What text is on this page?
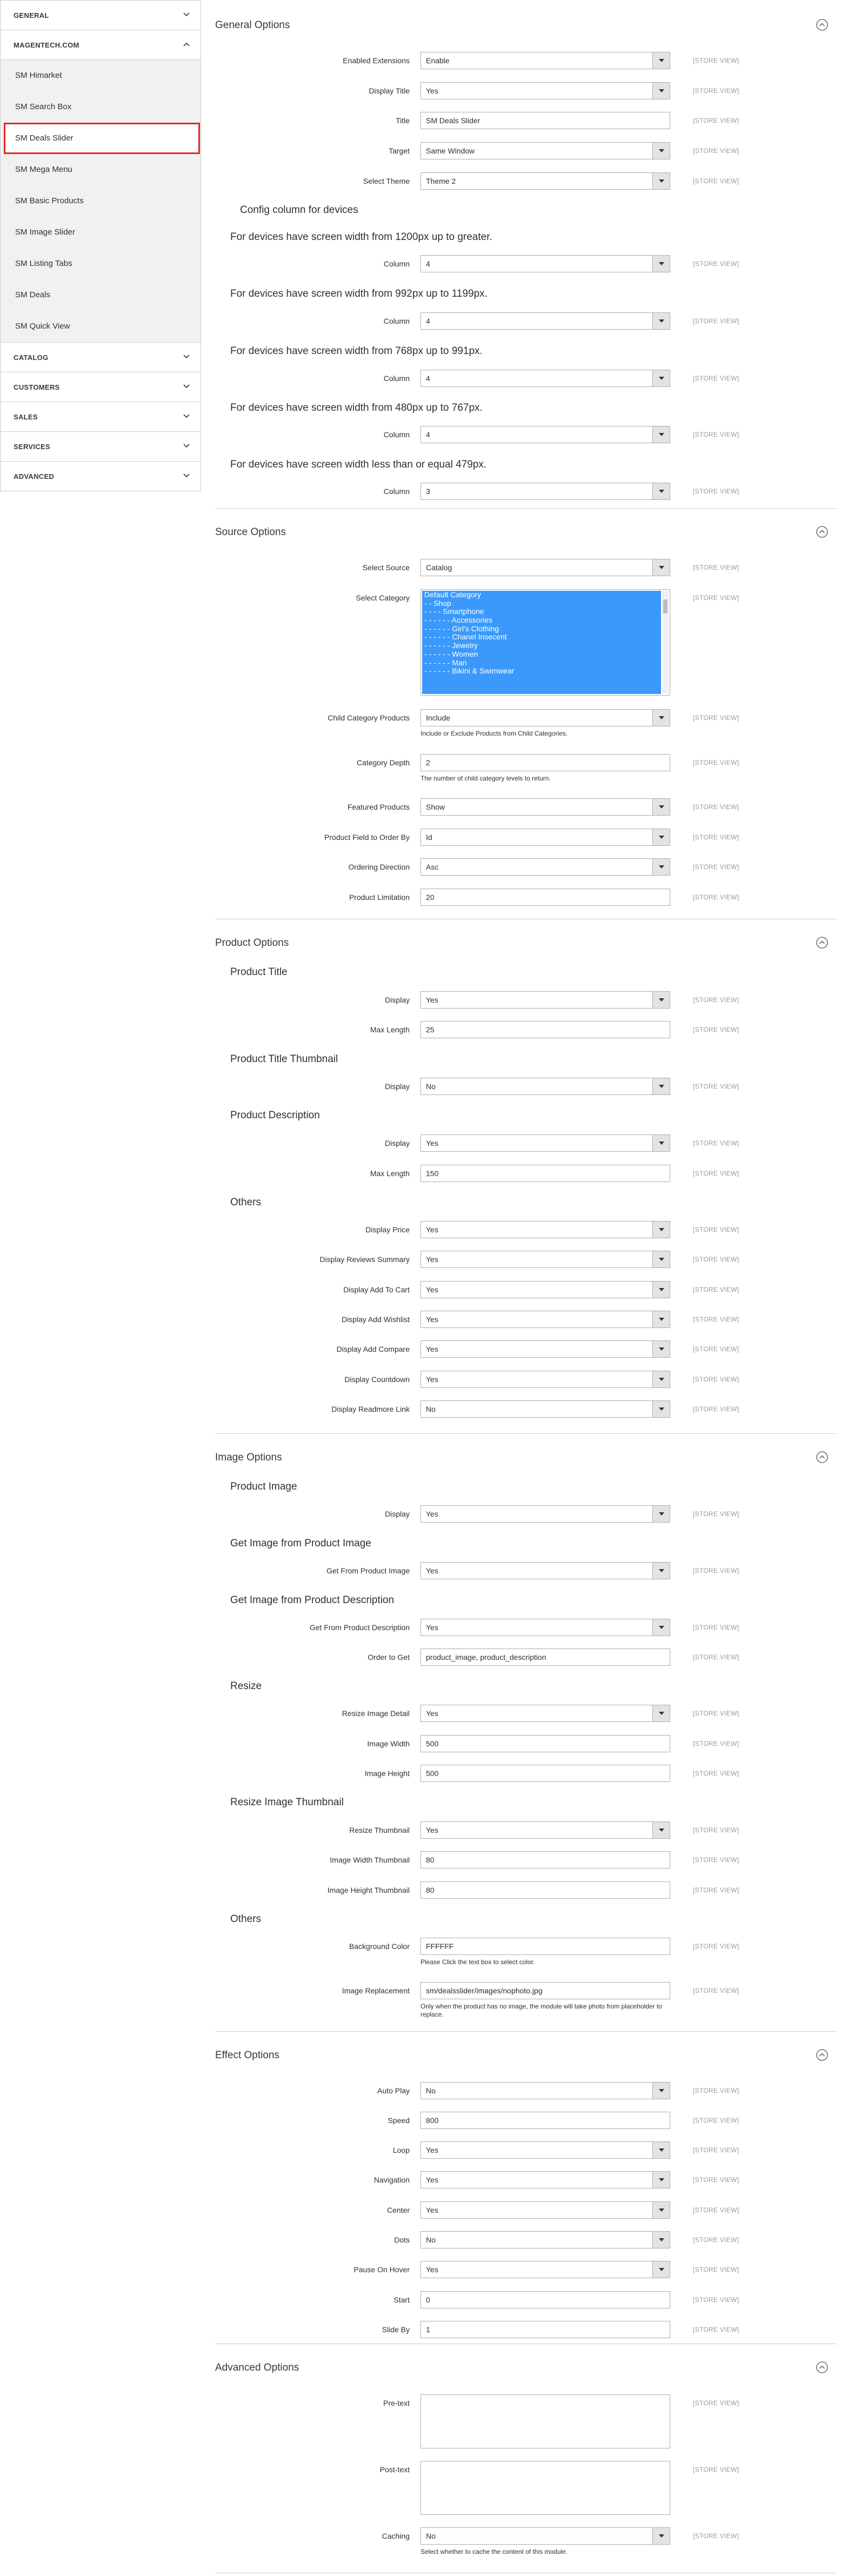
GENERAL
MAGENTECH.COM
SM Himarket
SM Search Box
SM Deals Slider
SM Mega Menu
SM Basic Products
SM Image Slider
SM Listing Tabs
SM Deals
SM Quick View
CATALOG
CUSTOMERS
SALES
SERVICES
ADVANCED
General Options
Enabled Extensions	Enable	[STORE VIEW]
Display Title	Yes	[STORE VIEW]
Title	SM Deals Slider	[STORE VIEW]
Target	Same Window	[STORE VIEW]
Select Theme	Theme 2	[STORE VIEW]
Config column for devices
For devices have screen width from 1200px up to greater.
Column	4	[STORE VIEW]
For devices have screen width from 992px up to 1199px.
Column	4	[STORE VIEW]
For devices have screen width from 768px up to 991px.
Column	4	[STORE VIEW]
For devices have screen width from 480px up to 767px.
Column	4	[STORE VIEW]
For devices have screen width less than or equal 479px.
Column	3	[STORE VIEW]
Source Options
Select Source	Catalog	[STORE VIEW]
Select Category Default Category
- - Shop
- - - - Smartphone
- - - - - - Accessories
- - - - - - Girl's Clothing
- - - - - - Chanel Insecent
- - - - - - Jewelry
- - - - - - Women
- - - - - - Man
- - - - - - Bikini & Swimwear
[STORE VIEW]
Child Category Products	Include
Include or Exclude Products from Child Categories.
[STORE VIEW]
Category Depth	2
The number of child category levels to return.
[STORE VIEW]
Featured Products	Show	[STORE VIEW]
Product Field to Order By	Id	[STORE VIEW]
Ordering Direction	Asc	[STORE VIEW]
Product Limitation	20	[STORE VIEW]
Product Options
Product Title
Display	Yes	[STORE VIEW]
Max Length	25	[STORE VIEW]
Product Title Thumbnail
Display	No	[STORE VIEW]
Product Description
Display	Yes	[STORE VIEW]
Max Length	150	[STORE VIEW]
Others
Display Price	Yes	[STORE VIEW]
Display Reviews Summary	Yes	[STORE VIEW]
Display Add To Cart	Yes	[STORE VIEW]
Display Add Wishlist	Yes	[STORE VIEW]
Display Add Compare	Yes	[STORE VIEW]
Display Countdown	Yes	[STORE VIEW]
Display Readmore Link	No	[STORE VIEW]
Image Options
Product Image
Display	Yes	[STORE VIEW]
Get Image from Product Image
Get From Product Image	Yes	[STORE VIEW]
Get Image from Product Description
Get From Product Description	Yes	[STORE VIEW]
Order to Get	product_image, product_description	[STORE VIEW]
Resize
Resize Image Detail	Yes	[STORE VIEW]
Image Width	500	[STORE VIEW]
Image Height	500	[STORE VIEW]
Resize Image Thumbnail
Resize Thumbnail	Yes	[STORE VIEW]
Image Width Thumbnail	80	[STORE VIEW]
Image Height Thumbnail	80	[STORE VIEW]
Others
Background Color	FFFFFF
Please Click the text box to select color.
[STORE VIEW]
Image Replacement	sm/dealsslider/images/nophoto.jpg
Only when the product has no image, the module will take photo from placeholder to replace.
[STORE VIEW]
Effect Options
Auto Play	No	[STORE VIEW]
Speed	800	[STORE VIEW]
Loop	Yes	[STORE VIEW]
Navigation	Yes	[STORE VIEW]
Center	Yes	[STORE VIEW]
Dots	No	[STORE VIEW]
Pause On Hover	Yes	[STORE VIEW]
Start	0	[STORE VIEW]
Slide By	1	[STORE VIEW]
Advanced Options
Pre-text	[STORE VIEW]
Post-text	[STORE VIEW]
Caching	No
Select whether to cache the content of this module.
[STORE VIEW]
